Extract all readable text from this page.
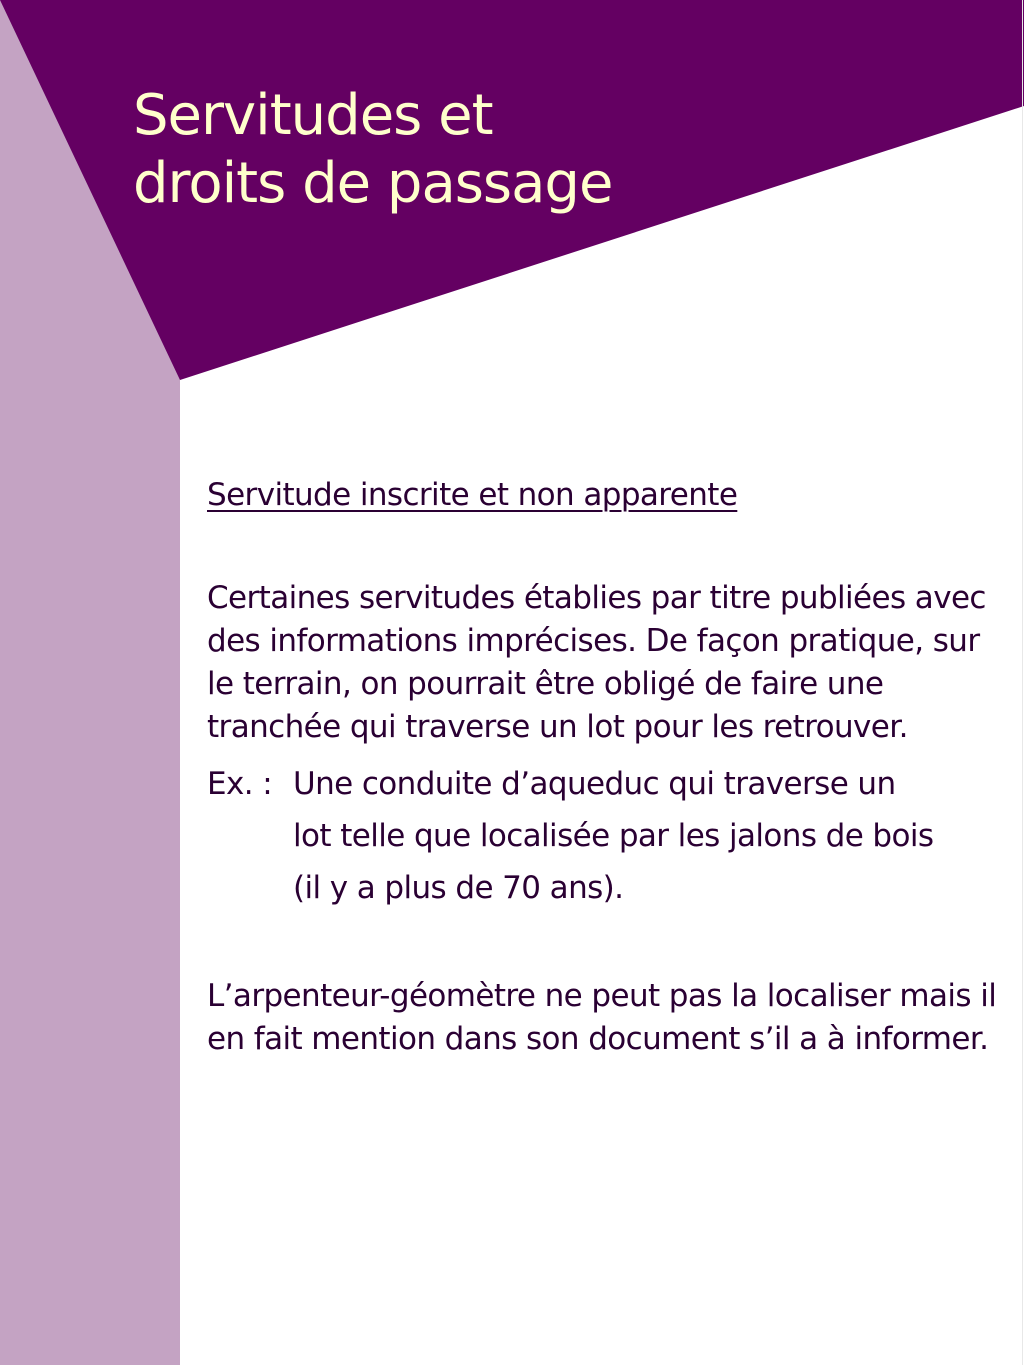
Servitudes et
droits de passage

Servitude inscrite et non apparente

Certaines servitudes établies par titre publiées avec des informations imprécises. De façon pratique, sur le terrain, on pourrait être obligé de faire une tranchée qui traverse un lot pour les retrouver.

Ex. : Une conduite d’aqueduc qui traverse un
lot telle que localisée par les jalons de bois
(il y a plus de 70 ans).

L’arpenteur-géomètre ne peut pas la localiser mais il en fait mention dans son document s’il a à informer.
